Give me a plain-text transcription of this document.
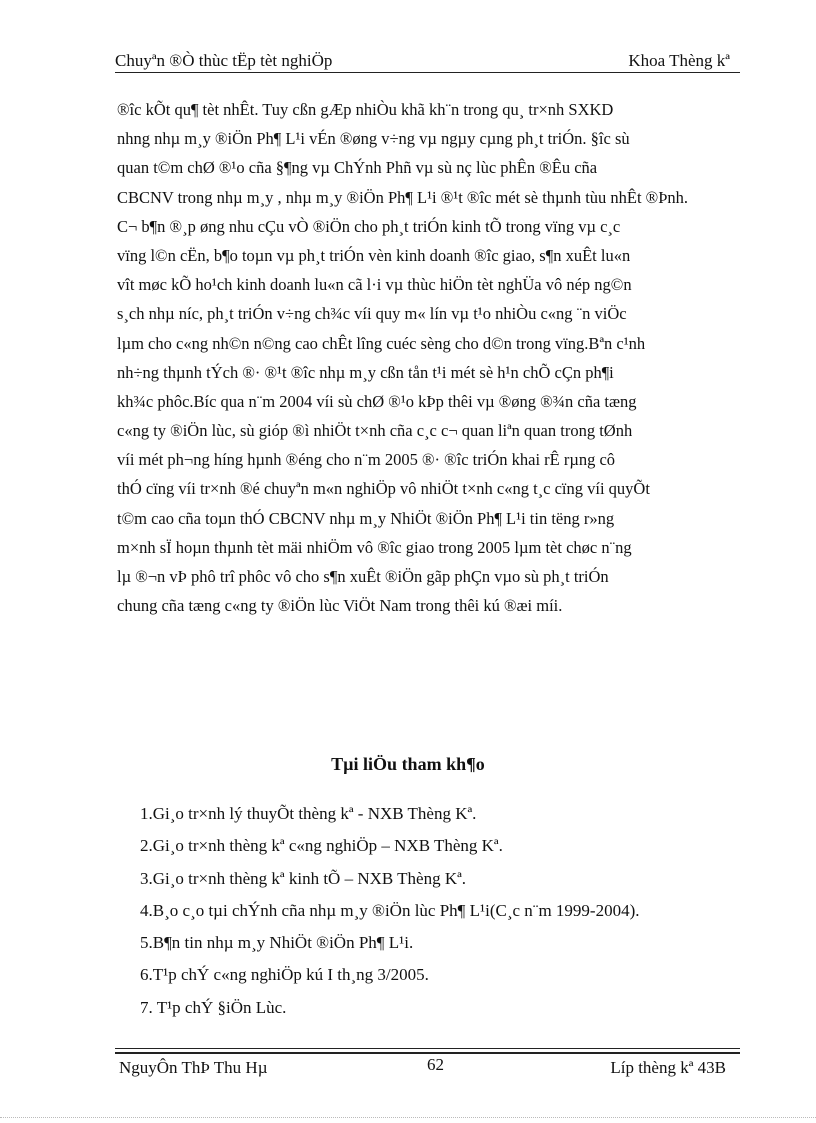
Chuyªn ®Ò thùc tËp tèt nghiÖp	Khoa Thèng kª
®îc kÕt qu¶ tèt nhÊt. Tuy cßn gÆp nhiÒu khã kh¨n trong qu¸ tr×nh SXKD
nhng nhµ m¸y ®iÖn Ph¶ L¹i vÉn ®øng v÷ng vµ ngµy cµng ph¸t triÓn. §îc sù
quan t©m chØ ®¹o cña §¶ng vµ ChÝnh Phñ vµ sù nç lùc phÊn ®Êu cña
CBCNV trong nhµ m¸y , nhµ m¸y ®iÖn Ph¶ L¹i ®¹t ®îc mét sè thµnh tùu nhÊt ®Þnh.
C¬ b¶n ®¸p øng nhu cÇu vÒ ®iÖn cho ph¸t triÓn kinh tÕ trong vïng vµ c¸c
vïng l©n cËn, b¶o toµn vµ ph¸t triÓn vèn kinh doanh ®îc giao, s¶n xuÊt lu«n
vît møc kÕ ho¹ch kinh doanh lu«n cã l·i vµ thùc hiÖn tèt nghÜa vô nép ng©n
s¸ch nhµ níc, ph¸t triÓn v÷ng ch¾c víi quy m« lín vµ t¹o nhiÒu c«ng ¨n viÖc
lµm cho c«ng nh©n n©ng cao chÊt lîng cuéc sèng cho d©n trong vïng.Bªn c¹nh
nh÷ng thµnh tÝch ®· ®¹t ®îc nhµ m¸y cßn tån t¹i mét sè h¹n chÕ cÇn ph¶i
kh¾c phôc.Bíc qua n¨m 2004 víi sù chØ ®¹o kÞp thêi vµ ®øng ®¾n cña tæng
c«ng ty ®iÖn lùc, sù gióp ®ì nhiÖt t×nh cña c¸c c¬ quan liªn quan trong tØnh
víi mét ph¬ng híng hµnh ®éng cho n¨m 2005 ®· ®îc triÓn khai rÊ rµng cô
thÓ cïng víi tr×nh ®é chuyªn m«n nghiÖp vô nhiÖt t×nh c«ng t¸c cïng víi quyÕt
t©m cao cña toµn thÓ CBCNV nhµ m¸y NhiÖt ®iÖn Ph¶ L¹i tin tëng r»ng
m×nh sÏ hoµn thµnh tèt mäi nhiÖm vô ®îc giao trong 2005 lµm tèt chøc n¨ng
lµ ®¬n vÞ phô trî phôc vô cho s¶n xuÊt ®iÖn gãp phÇn vµo sù ph¸t triÓn
chung cña tæng c«ng ty ®iÖn lùc ViÖt Nam trong thêi kú ®æi míi.
Tµi liÖu tham kh¶o
1.Gi¸o tr×nh lý thuyÕt thèng kª - NXB Thèng Kª.
2.Gi¸o tr×nh thèng kª c«ng nghiÖp – NXB Thèng Kª.
3.Gi¸o tr×nh thèng kª kinh tÕ – NXB Thèng Kª.
4.B¸o c¸o tµi chÝnh cña nhµ m¸y ®iÖn lùc Ph¶ L¹i(C¸c n¨m 1999-2004).
5.B¶n tin nhµ m¸y NhiÖt ®iÖn Ph¶ L¹i.
6.T¹p chÝ c«ng nghiÖp kú I th¸ng 3/2005.
7. T¹p chÝ §iÖn Lùc.
NguyÔn ThÞ Thu Hµ	62	Líp thèng kª 43B
